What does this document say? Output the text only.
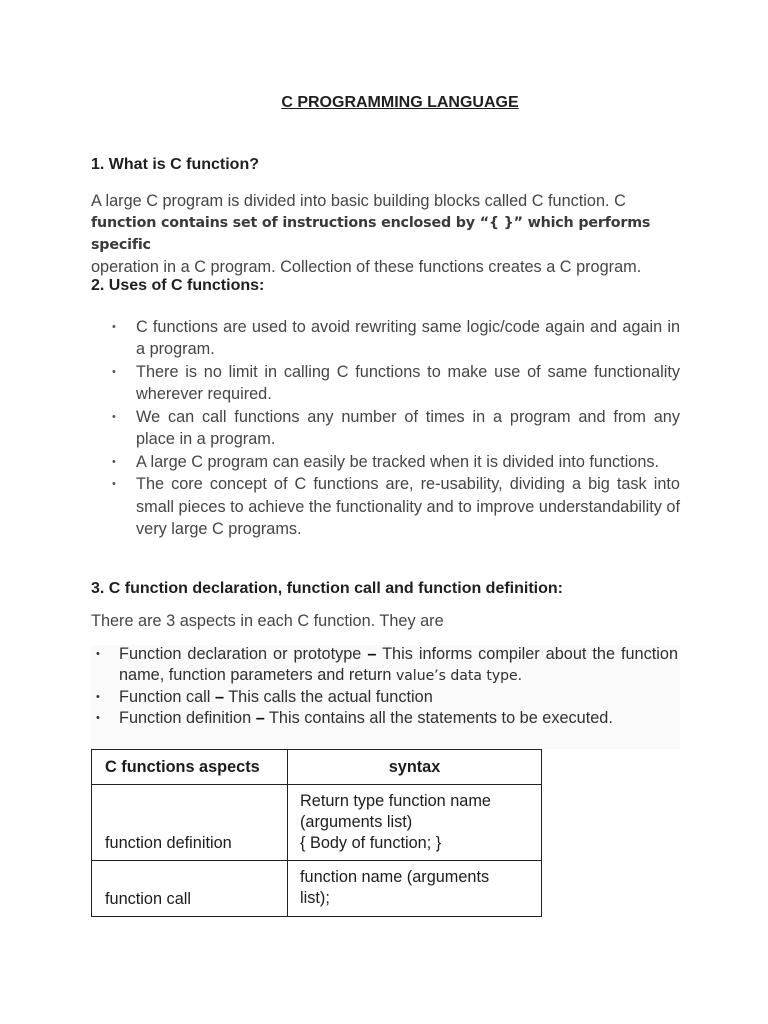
C PROGRAMMING LANGUAGE
1. What is C function?
A large C program is divided into basic building blocks called C function. C
function contains set of instructions enclosed by “{ }” which performs specific
operation in a C program. Collection of these functions creates a C program.
2. Uses of C functions:
• C functions are used to avoid rewriting same logic/code again and again in a program.
• There is no limit in calling C functions to make use of same functionality wherever required.
• We can call functions any number of times in a program and from any place in a program.
• A large C program can easily be tracked when it is divided into functions.
• The core concept of C functions are, re-usability, dividing a big task into small pieces to achieve the functionality and to improve understandability of very large C programs.
3. C function declaration, function call and function definition:
There are 3 aspects in each C function. They are
• Function declaration or prototype – This informs compiler about the function name, function parameters and return value’s data type.
• Function call – This calls the actual function
• Function definition – This contains all the statements to be executed.
C functions aspects	syntax
function definition	Return type function name
(arguments list)
{ Body of function; }

function call	function name (arguments
list);
